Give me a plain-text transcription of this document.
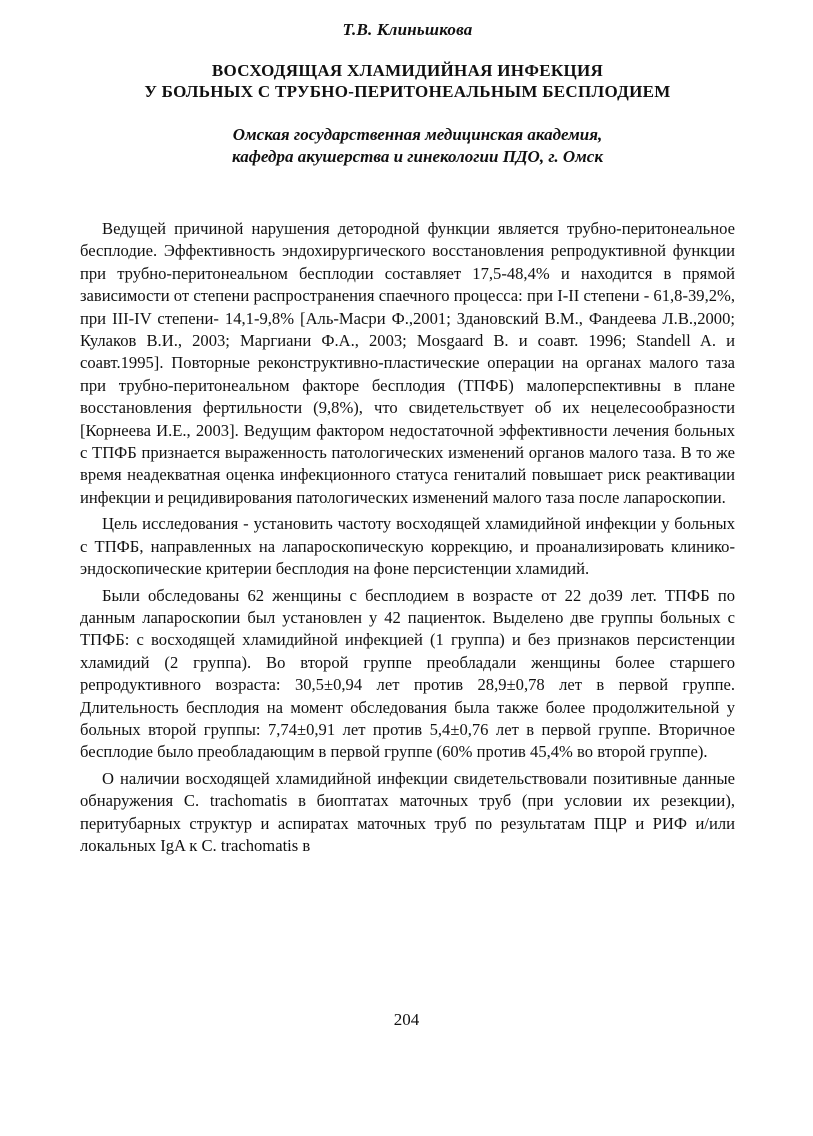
Т.В. Клиньшкова
ВОСХОДЯЩАЯ ХЛАМИДИЙНАЯ ИНФЕКЦИЯ
У БОЛЬНЫХ С ТРУБНО-ПЕРИТОНЕАЛЬНЫМ БЕСПЛОДИЕМ
Омская государственная медицинская академия,
кафедра акушерства и гинекологии ПДО, г. Омск

Ведущей причиной нарушения детородной функции является трубно-перитонеальное бесплодие. Эффективность эндохирургического восстановления репродуктивной функции при трубно-перитонеальном бесплодии составляет 17,5-48,4% и находится в прямой зависимости от степени распространения спаечного процесса: при I-II степени - 61,8-39,2%, при III-IV степени- 14,1-9,8% [Аль-Масри Ф.,2001; Здановский В.М., Фандеева Л.В.,2000; Кулаков В.И., 2003; Маргиани Ф.А., 2003; Mosgaard B. и соавт. 1996; Standell A. и соавт.1995]. Повторные реконструктивно-пластические операции на органах малого таза при трубно-перитонеальном факторе бесплодия (ТПФБ) малоперспективны в плане восстановления фертильности (9,8%), что свидетельствует об их нецелесообразности [Корнеева И.Е., 2003]. Ведущим фактором недостаточной эффективности лечения больных с ТПФБ признается выраженность патологических изменений органов малого таза. В то же время неадекватная оценка инфекционного статуса гениталий повышает риск реактивации инфекции и рецидивирования патологических изменений малого таза после лапароскопии.

Цель исследования - установить частоту восходящей хламидийной инфекции у больных с ТПФБ, направленных на лапароскопическую коррекцию, и проанализировать клинико-эндоскопические критерии бесплодия на фоне персистенции хламидий.

Были обследованы 62 женщины с бесплодием в возрасте от 22 до39 лет. ТПФБ по данным лапароскопии был установлен у 42 пациенток. Выделено две группы больных с ТПФБ: с восходящей хламидийной инфекцией (1 группа) и без признаков персистенции хламидий (2 группа). Во второй группе преобладали женщины более старшего репродуктивного возраста: 30,5±0,94 лет против 28,9±0,78 лет в первой группе. Длительность бесплодия на момент обследования была также более продолжительной у больных второй группы: 7,74±0,91 лет против 5,4±0,76 лет в первой группе. Вторичное бесплодие было преобладающим в первой группе (60% против 45,4% во второй группе).

О наличии восходящей хламидийной инфекции свидетельствовали позитивные данные обнаружения C. trachomatis в биоптатах маточных труб (при условии их резекции), перитубарных структур и аспиратах маточных труб по результатам ПЦР и РИФ и/или локальных IgA к C. trachomatis в

204
